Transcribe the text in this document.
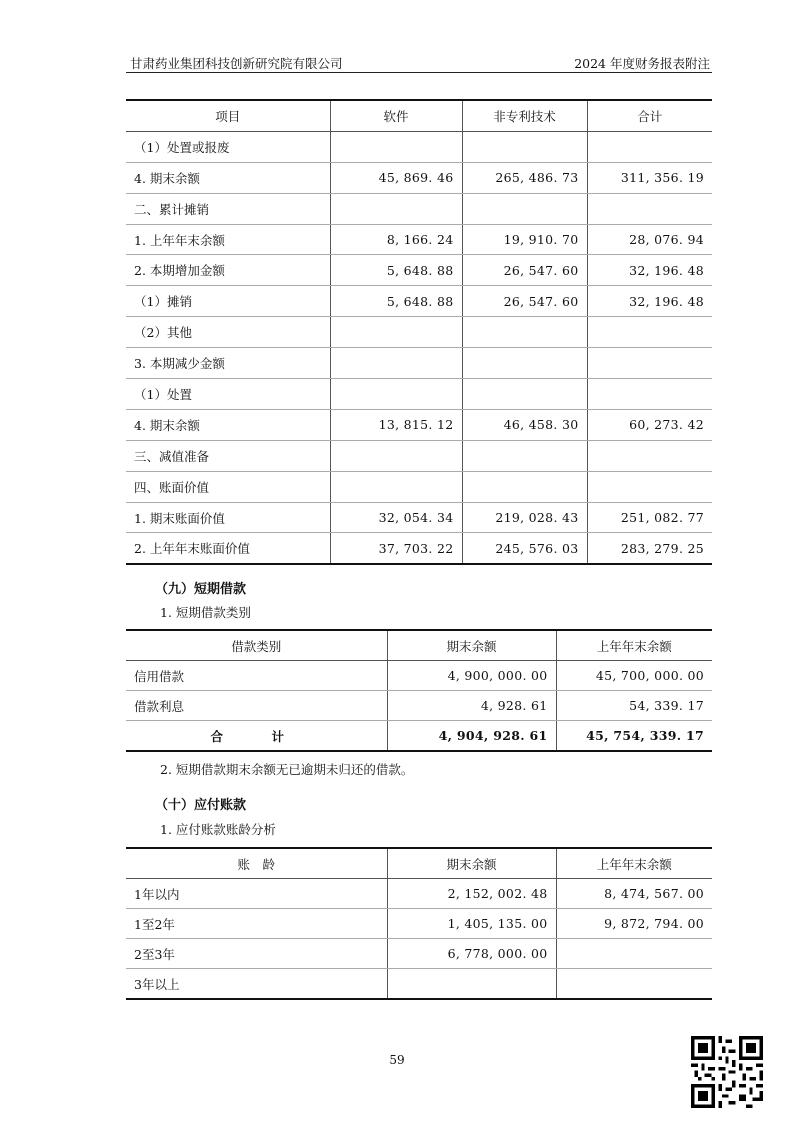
甘肃药业集团科技创新研究院有限公司	2024 年度财务报表附注
项目	软件	非专利技术	合计
（1）处置或报废			
4. 期末余额	45, 869. 46	265, 486. 73	311, 356. 19
二、累计摊销			
1. 上年年末余额	8, 166. 24	19, 910. 70	28, 076. 94
2. 本期增加金额	5, 648. 88	26, 547. 60	32, 196. 48
（1）摊销	5, 648. 88	26, 547. 60	32, 196. 48
（2）其他			
3. 本期减少金额			
（1）处置			
4. 期末余额	13, 815. 12	46, 458. 30	60, 273. 42
三、减值准备			
四、账面价值			
1. 期末账面价值	32, 054. 34	219, 028. 43	251, 082. 77
2. 上年年末账面价值	37, 703. 22	245, 576. 03	283, 279. 25
（九）短期借款
1. 短期借款类别
借款类别	期末余额	上年年末余额
信用借款	4, 900, 000. 00	45, 700, 000. 00
借款利息	4, 928. 61	54, 339. 17
合　计	4, 904, 928. 61	45, 754, 339. 17
2. 短期借款期末余额无已逾期未归还的借款。
（十）应付账款
1. 应付账款账龄分析
账　龄	期末余额	上年年末余额
1年以内	2, 152, 002. 48	8, 474, 567. 00
1至2年	1, 405, 135. 00	9, 872, 794. 00
2至3年	6, 778, 000. 00	
3年以上		
59
